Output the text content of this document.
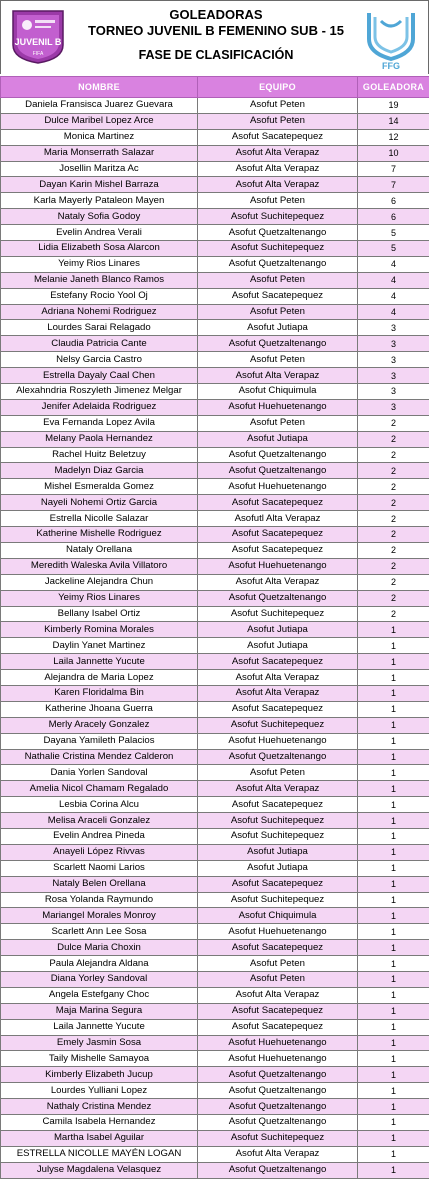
JUVENIL B
FIFA
GOLEADORAS
TORNEO JUVENIL B FEMENINO SUB - 15
FASE DE CLASIFICACIÓN
FFG
NOMBRE	EQUIPO	GOLEADORA
Daniela Fransisca Juarez Guevara	Asofut Peten	19
Dulce Maribel Lopez Arce	Asofut Peten	14
Monica Martinez	Asofut Sacatepequez	12
Maria Monserrath Salazar	Asofut Alta Verapaz	10
Josellin Maritza Ac	Asofut Alta Verapaz	7
Dayan Karin Mishel Barraza	Asofut Alta Verapaz	7
Karla Mayerly Pataleon Mayen	Asofut Peten	6
Nataly Sofia Godoy	Asofut Suchitepequez	6
Evelin Andrea Verali	Asofut Quetzaltenango	5
Lidia Elizabeth Sosa Alarcon	Asofut Suchitepequez	5
Yeimy Rios Linares	Asofut Quetzaltenango	4
Melanie Janeth Blanco Ramos	Asofut Peten	4
Estefany Rocio Yool Oj	Asofut Sacatepequez	4
Adriana Nohemi Rodriguez	Asofut Peten	4
Lourdes Sarai Relagado	Asofut Jutiapa	3
Claudia Patricia Cante	Asofut Quetzaltenango	3
Nelsy Garcia Castro	Asofut Peten	3
Estrella Dayaly Caal Chen	Asofut Alta Verapaz	3
Alexahndria Roszyleth Jimenez Melgar	Asofut Chiquimula	3
Jenifer Adelaida Rodriguez	Asofut Huehuetenango	3
Eva Fernanda Lopez Avila	Asofut Peten	2
Melany Paola Hernandez	Asofut Jutiapa	2
Rachel Huitz Beletzuy	Asofut Quetzaltenango	2
Madelyn Diaz Garcia	Asofut Quetzaltenango	2
Mishel Esmeralda Gomez	Asofut Huehuetenango	2
Nayeli Nohemi Ortiz Garcia	Asofut Sacatepequez	2
Estrella Nicolle Salazar	Asofutl Alta Verapaz	2
Katherine Mishelle Rodriguez	Asofut Sacatepequez	2
Nataly Orellana	Asofut Sacatepequez	2
Meredith Waleska Avila Villatoro	Asofut Huehuetenango	2
Jackeline Alejandra Chun	Asofut Alta Verapaz	2
Yeimy Rios Linares	Asofut Quetzaltenango	2
Bellany Isabel Ortiz	Asofut Suchitepequez	2
Kimberly Romina Morales	Asofut Jutiapa	1
Daylin Yanet Martinez	Asofut Jutiapa	1
Laila Jannette Yucute	Asofut Sacatepequez	1
Alejandra de Maria Lopez	Asofut Alta Verapaz	1
Karen Floridalma Bin	Asofut Alta Verapaz	1
Katherine Jhoana Guerra	Asofut Sacatepequez	1
Merly Aracely Gonzalez	Asofut Suchitepequez	1
Dayana Yamileth Palacios	Asofut Huehuetenango	1
Nathalie Cristina Mendez Calderon	Asofut Quetzaltenango	1
Dania Yorlen Sandoval	Asofut Peten	1
Amelia Nicol Chamam Regalado	Asofut Alta Verapaz	1
Lesbia Corina Alcu	Asofut Sacatepequez	1
Melisa Araceli Gonzalez	Asofut Suchitepequez	1
Evelin Andrea Pineda	Asofut Suchitepequez	1
Anayeli López Rivvas	Asofut Jutiapa	1
Scarlett Naomi Larios	Asofut Jutiapa	1
Nataly Belen Orellana	Asofut Sacatepequez	1
Rosa Yolanda Raymundo	Asofut Suchitepequez	1
Mariangel Morales Monroy	Asofut Chiquimula	1
Scarlett Ann Lee Sosa	Asofut Huehuetenango	1
Dulce Maria Choxin	Asofut Sacatepequez	1
Paula Alejandra Aldana	Asofut Peten	1
Diana Yorley Sandoval	Asofut Peten	1
Angela Estefgany Choc	Asofut Alta Verapaz	1
Maja Marina Segura	Asofut Sacatepequez	1
Laila Jannette Yucute	Asofut Sacatepequez	1
Emely Jasmin Sosa	Asofut Huehuetenango	1
Taily Mishelle Samayoa	Asofut Huehuetenango	1
Kimberly Elizabeth Jucup	Asofut Quetzaltenango	1
Lourdes Yulliani Lopez	Asofut Quetzaltenango	1
Nathaly Cristina Mendez	Asofut Quetzaltenango	1
Camila Isabela Hernandez	Asofut Quetzaltenango	1
Martha Isabel Aguilar	Asofut Suchitepequez	1
ESTRELLA NICOLLE MAYÉN LOGAN	Asofut Alta Verapaz	1
Julyse Magdalena Velasquez	Asofut Quetzaltenango	1
